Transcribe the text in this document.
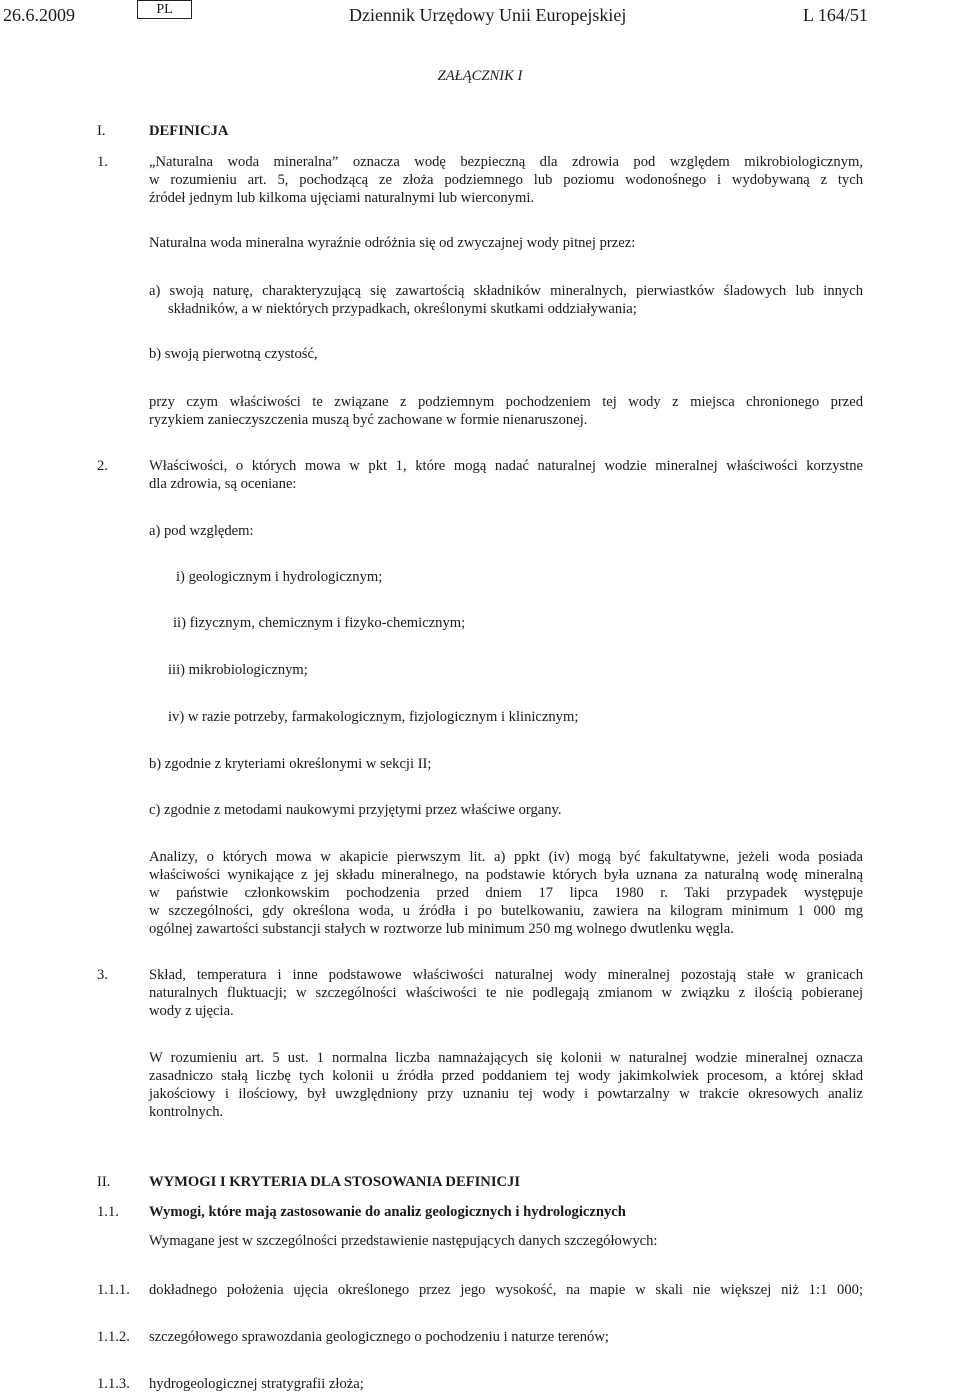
26.6.2009	PL	Dziennik Urzędowy Unii Europejskiej	L 164/51
ZAŁĄCZNIK I
I.	DEFINICJA
1.	„Naturalna woda mineralna” oznacza wodę bezpieczną dla zdrowia pod względem mikrobiologicznym,
w rozumieniu art. 5, pochodzącą ze złoża podziemnego lub poziomu wodonośnego i wydobywaną z tych
źródeł jednym lub kilkoma ujęciami naturalnymi lub wierconymi.
Naturalna woda mineralna wyraźnie odróżnia się od zwyczajnej wody pitnej przez:
a) swoją naturę, charakteryzującą się zawartością składników mineralnych, pierwiastków śladowych lub innych
składników, a w niektórych przypadkach, określonymi skutkami oddziaływania;
b) swoją pierwotną czystość,
przy czym właściwości te związane z podziemnym pochodzeniem tej wody z miejsca chronionego przed
ryzykiem zanieczyszczenia muszą być zachowane w formie nienaruszonej.
2.	Właściwości, o których mowa w pkt 1, które mogą nadać naturalnej wodzie mineralnej właściwości korzystne
dla zdrowia, są oceniane:
a) pod względem:
i) geologicznym i hydrologicznym;
ii) fizycznym, chemicznym i fizyko-chemicznym;
iii) mikrobiologicznym;
iv) w razie potrzeby, farmakologicznym, fizjologicznym i klinicznym;
b) zgodnie z kryteriami określonymi w sekcji II;
c) zgodnie z metodami naukowymi przyjętymi przez właściwe organy.
Analizy, o których mowa w akapicie pierwszym lit. a) ppkt (iv) mogą być fakultatywne, jeżeli woda posiada
właściwości wynikające z jej składu mineralnego, na podstawie których była uznana za naturalną wodę mineralną
w państwie członkowskim pochodzenia przed dniem 17 lipca 1980 r. Taki przypadek występuje
w szczególności, gdy określona woda, u źródła i po butelkowaniu, zawiera na kilogram minimum 1 000 mg
ogólnej zawartości substancji stałych w roztworze lub minimum 250 mg wolnego dwutlenku węgla.
3.	Skład, temperatura i inne podstawowe właściwości naturalnej wody mineralnej pozostają stałe w granicach
naturalnych fluktuacji; w szczególności właściwości te nie podlegają zmianom w związku z ilością pobieranej
wody z ujęcia.
W rozumieniu art. 5 ust. 1 normalna liczba namnażających się kolonii w naturalnej wodzie mineralnej oznacza
zasadniczo stałą liczbę tych kolonii u źródła przed poddaniem tej wody jakimkolwiek procesom, a której skład
jakościowy i ilościowy, był uwzględniony przy uznaniu tej wody i powtarzalny w trakcie okresowych analiz
kontrolnych.
II.	WYMOGI I KRYTERIA DLA STOSOWANIA DEFINICJI
1.1. Wymogi, które mają zastosowanie do analiz geologicznych i hydrologicznych
Wymagane jest w szczególności przedstawienie następujących danych szczegółowych:
1.1.1. dokładnego położenia ujęcia określonego przez jego wysokość, na mapie w skali nie większej niż 1:1 000;
1.1.2. szczegółowego sprawozdania geologicznego o pochodzeniu i naturze terenów;
1.1.3. hydrogeologicznej stratygrafii złoża;
